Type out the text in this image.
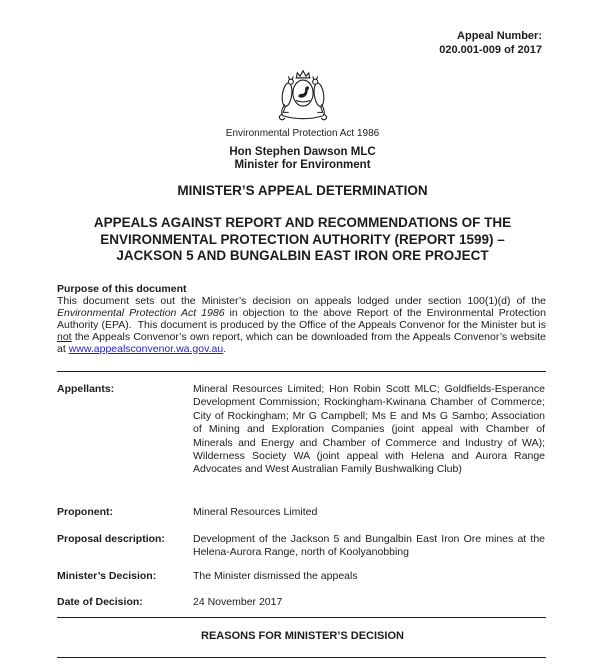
Appeal Number:
020.001-009 of 2017
Environmental Protection Act 1986
Hon Stephen Dawson MLC
Minister for Environment
MINISTER’S APPEAL DETERMINATION
APPEALS AGAINST REPORT AND RECOMMENDATIONS OF THE
ENVIRONMENTAL PROTECTION AUTHORITY (REPORT 1599) –
JACKSON 5 AND BUNGALBIN EAST IRON ORE PROJECT
Purpose of this document
This document sets out the Minister’s decision on appeals lodged under section 100(1)(d) of the Environmental Protection Act 1986 in objection to the above Report of the Environmental Protection Authority (EPA).  This document is produced by the Office of the Appeals Convenor for the Minister but is not the Appeals Convenor’s own report, which can be downloaded from the Appeals Convenor’s website at www.appealsconvenor.wa.gov.au.
Appellants:	Mineral Resources Limited; Hon Robin Scott MLC; Goldfields-Esperance Development Commission; Rockingham-Kwinana Chamber of Commerce; City of Rockingham; Mr G Campbell; Ms E and Ms G Sambo; Association of Mining and Exploration Companies (joint appeal with Chamber of Minerals and Energy and Chamber of Commerce and Industry of WA); Wilderness Society WA (joint appeal with Helena and Aurora Range Advocates and West Australian Family Bushwalking Club)
Proponent:	Mineral Resources Limited
Proposal description:	Development of the Jackson 5 and Bungalbin East Iron Ore mines at the Helena-Aurora Range, north of Koolyanobbing
Minister’s Decision:	The Minister dismissed the appeals
Date of Decision:	24 November 2017
REASONS FOR MINISTER’S DECISION
